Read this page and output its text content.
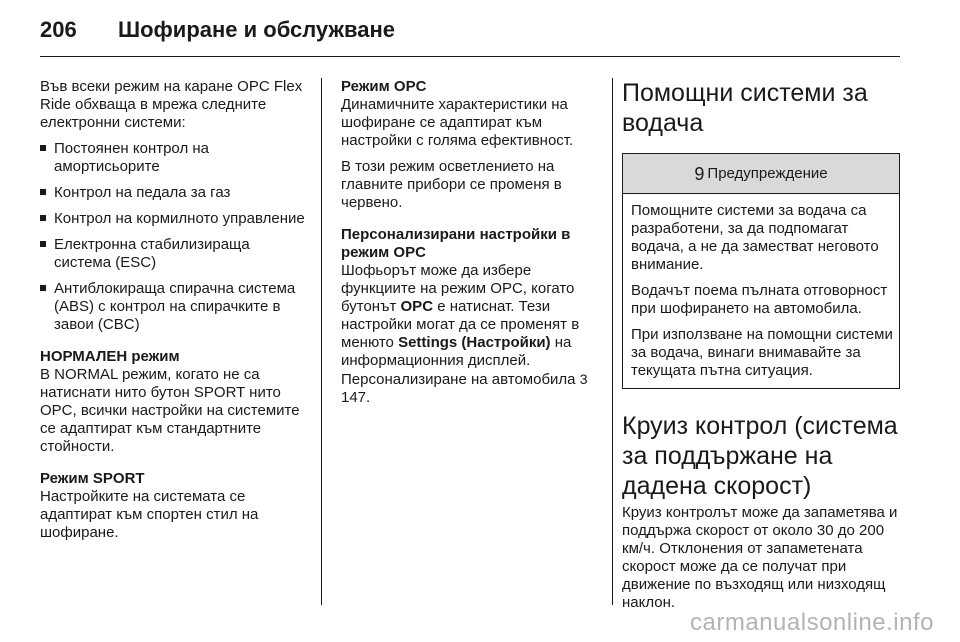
206 Шофиране и обслужване

Във всеки режим на каране OPC Flex Ride обхваща в мрежа следните електронни системи:

Постоянен контрол на амортисьорите
Контрол на педала за газ
Контрол на кормилното управление
Електронна стабилизираща система (ESC)
Антиблокираща спирачна система (ABS) с контрол на спирачките в завои (CBC)

НОРМАЛЕН режим

В NORMAL режим, когато не са натиснати нито бутон SPORT нито OPC, всички настройки на системите се адаптират към стандартните стойности.

Режим SPORT

Настройките на системата се адаптират към спортен стил на шофиране.

Режим OPC

Динамичните характеристики на шофиране се адаптират към настройки с голяма ефективност.

В този режим осветлението на главните прибори се променя в червено.

Персонализирани настройки в режим OPC

Шофьорът може да избере функциите на режим OPC, когато бутонът OPC е натиснат. Тези настройки могат да се променят в менюто Settings (Настройки) на информационния дисплей. Персонализиране на автомобила 3 147.

Помощни системи за водача
9 Предупреждение

Помощните системи за водача са разработени, за да подпомагат водача, а не да заместват неговото внимание.

Водачът поема пълната отговорност при шофирането на автомобила.

При използване на помощни системи за водача, винаги внимавайте за текущата пътна ситуация.

Круиз контрол (система за поддържане на дадена скорост)

Круиз контролът може да запаметява и поддържа скорост от около 30 до 200 км/ч. Отклонения от запаметената скорост може да се получат при движение по възходящ или низходящ наклон.

carmanualsonline.info
